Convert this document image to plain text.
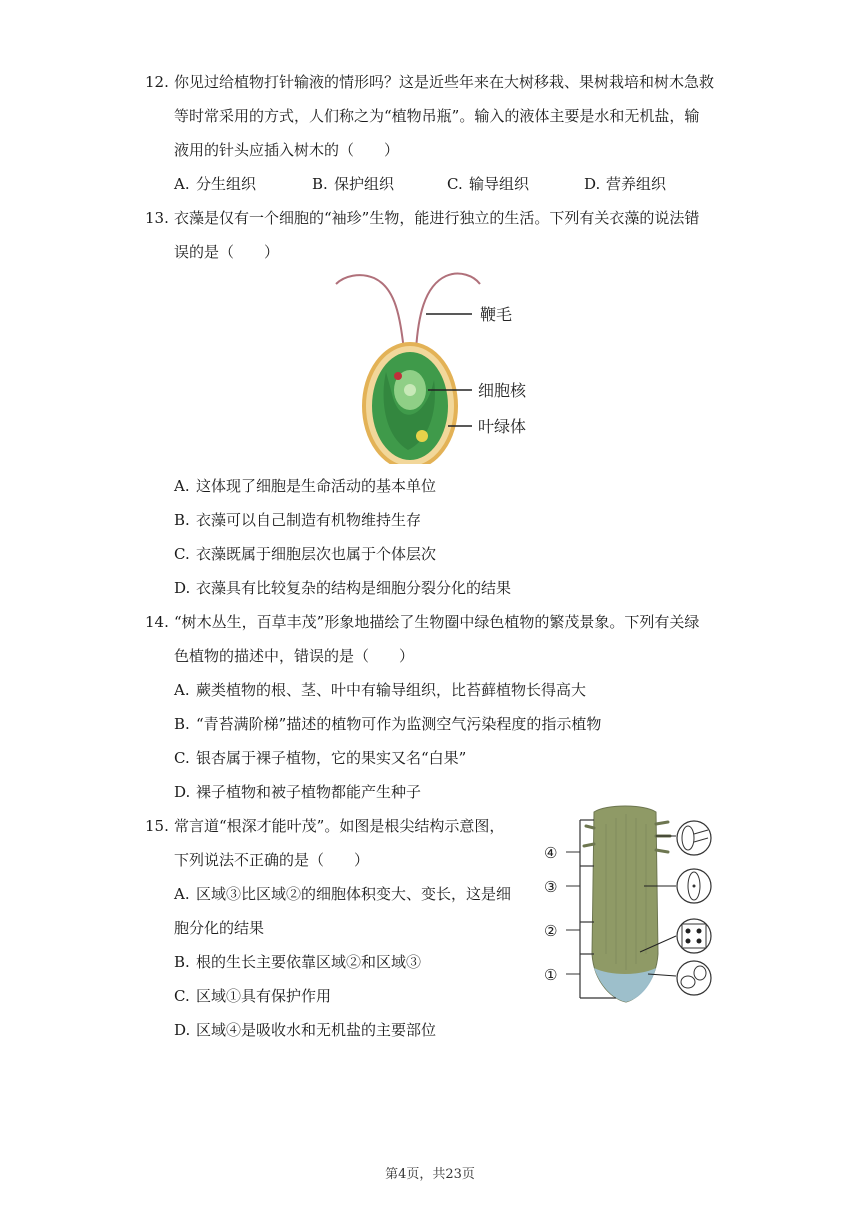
12. 你见过给植物打针输液的情形吗？这是近些年来在大树移栽、果树栽培和树木急救
等时常采用的方式，人们称之为“植物吊瓶”。输入的液体主要是水和无机盐，输
液用的针头应插入树木的（　　）
A. 分生组织	B. 保护组织	C. 输导组织	D. 营养组织
13. 衣藻是仅有一个细胞的“袖珍”生物，能进行独立的生活。下列有关衣藻的说法错
误的是（　　）
鞭毛
细胞核
叶绿体
A. 这体现了细胞是生命活动的基本单位
B. 衣藻可以自己制造有机物维持生存
C. 衣藻既属于细胞层次也属于个体层次
D. 衣藻具有比较复杂的结构是细胞分裂分化的结果
14. “树木丛生，百草丰茂”形象地描绘了生物圈中绿色植物的繁茂景象。下列有关绿
色植物的描述中，错误的是（　　）
A. 蕨类植物的根、茎、叶中有输导组织，比苔藓植物长得高大
B. “青苔满阶梯”描述的植物可作为监测空气污染程度的指示植物
C. 银杏属于裸子植物，它的果实又名“白果”
D. 裸子植物和被子植物都能产生种子
15. 常言道“根深才能叶茂”。如图是根尖结构示意图，
下列说法不正确的是（　　）
A. 区域③比区域②的细胞体积变大、变长，这是细
胞分化的结果
B. 根的生长主要依靠区域②和区域③
C. 区域①具有保护作用
D. 区域④是吸收水和无机盐的主要部位
④
③
②
①
第4页，共23页
